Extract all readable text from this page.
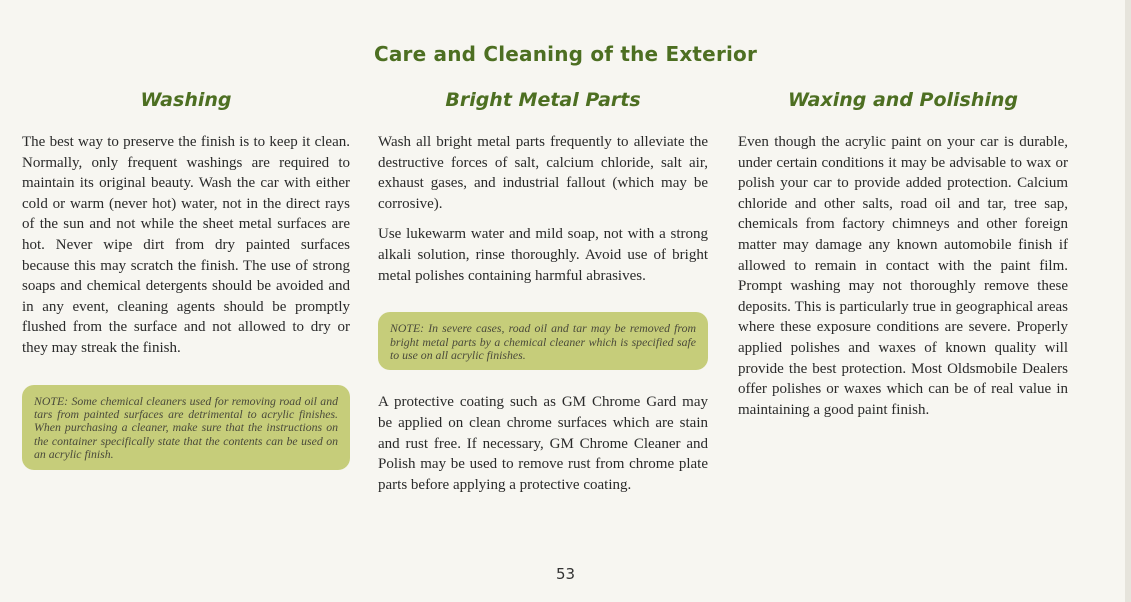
Care and Cleaning of the Exterior
Washing

The best way to preserve the finish is to keep it clean. Normally, only frequent washings are required to maintain its original beauty. Wash the car with either cold or warm (never hot) water, not in the direct rays of the sun and not while the sheet metal surfaces are hot. Never wipe dirt from dry painted surfaces because this may scratch the finish. The use of strong soaps and chemical detergents should be avoided and in any event, cleaning agents should be promptly flushed from the surface and not allowed to dry or they may streak the finish.

NOTE: Some chemical cleaners used for removing road oil and tars from painted surfaces are detrimental to acrylic finishes. When purchasing a cleaner, make sure that the instructions on the container specifically state that the contents can be used on an acrylic finish.
Bright Metal Parts

Wash all bright metal parts frequently to alleviate the destructive forces of salt, calcium chloride, salt air, exhaust gases, and industrial fallout (which may be corrosive).

Use lukewarm water and mild soap, not with a strong alkali solution, rinse thoroughly. Avoid use of bright metal polishes containing harmful abrasives.

NOTE: In severe cases, road oil and tar may be removed from bright metal parts by a chemical cleaner which is specified safe to use on all acrylic finishes.

A protective coating such as GM Chrome Gard may be applied on clean chrome surfaces which are stain and rust free. If necessary, GM Chrome Cleaner and Polish may be used to remove rust from chrome plate parts before applying a protective coating.

Waxing and Polishing

Even though the acrylic paint on your car is durable, under certain conditions it may be advisable to wax or polish your car to provide added protection. Calcium chloride and other salts, road oil and tar, tree sap, chemicals from factory chimneys and other foreign matter may damage any known automobile finish if allowed to remain in contact with the paint film. Prompt washing may not thoroughly remove these deposits. This is particularly true in geographical areas where these exposure conditions are severe. Properly applied polishes and waxes of known quality will provide the best protection. Most Oldsmobile Dealers offer polishes or waxes which can be of real value in maintaining a good paint finish.

53
